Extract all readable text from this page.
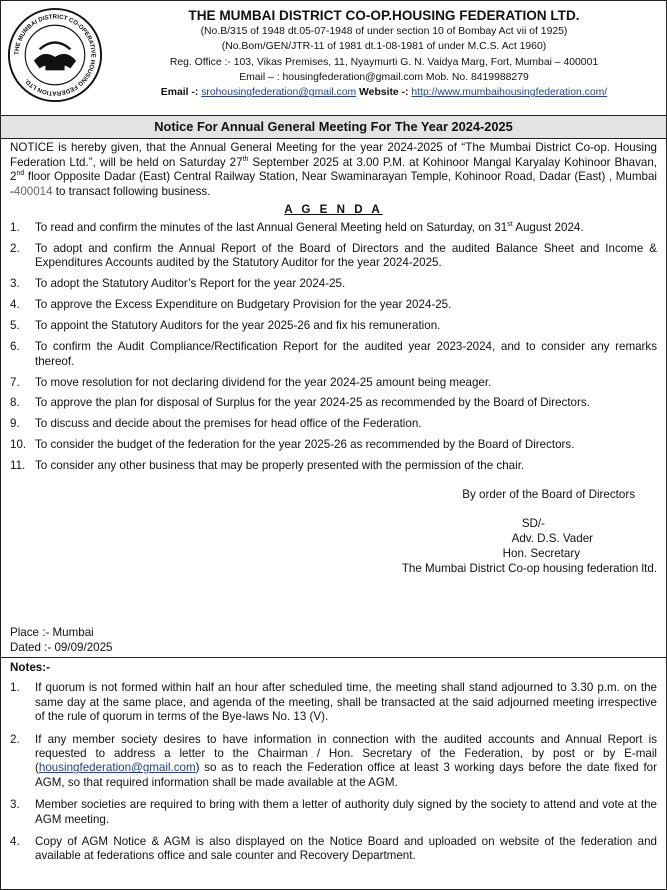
THE MUMBAI DISTRICT CO-OPERATIVE HOUSING FEDERATION LTD.
THE MUMBAI DISTRICT CO-OP.HOUSING FEDERATION LTD.
(No.B/315 of 1948 dt.05-07-1948 of under section 10 of Bombay Act vii of 1925)
(No.Bom/GEN/JTR-11 of 1981 dt.1-08-1981 of under M.C.S. Act 1960)
Reg. Office :- 103, Vikas Premises, 11, Nyaymurti G. N. Vaidya Marg, Fort, Mumbai – 400001
Email – : housingfederation@gmail.com Mob. No. 8419988279
Email -: srohousingfederation@gmail.com Website -: http://www.mumbaihousingfederation.com/
Notice For Annual General Meeting For The Year 2024-2025
NOTICE is hereby given, that the Annual General Meeting for the year 2024-2025 of “The Mumbai District Co-op. Housing Federation Ltd.”, will be held on Saturday 27th September 2025 at 3.00 P.M. at Kohinoor Mangal Karyalay Kohinoor Bhavan, 2nd floor Opposite Dadar (East) Central Railway Station, Near Swaminarayan Temple, Kohinoor Road, Dadar (East) , Mumbai -400014 to transact following business.
A G E N D A
1. To read and confirm the minutes of the last Annual General Meeting held on Saturday, on 31st August 2024.
2. To adopt and confirm the Annual Report of the Board of Directors and the audited Balance Sheet and Income & Expenditures Accounts audited by the Statutory Auditor for the year 2024-2025.
3. To adopt the Statutory Auditor’s Report for the year 2024-25.
4. To approve the Excess Expenditure on Budgetary Provision for the year 2024-25.
5. To appoint the Statutory Auditors for the year 2025-26 and fix his remuneration.
6. To confirm the Audit Compliance/Rectification Report for the audited year 2023-2024, and to consider any remarks thereof.
7. To move resolution for not declaring dividend for the year 2024-25 amount being meager.
8. To approve the plan for disposal of Surplus for the year 2024-25 as recommended by the Board of Directors.
9. To discuss and decide about the premises for head office of the Federation.
10. To consider the budget of the federation for the year 2025-26 as recommended by the Board of Directors.
11. To consider any other business that may be properly presented with the permission of the chair.
By order of the Board of Directors
SD/-
Adv. D.S. Vader
Hon. Secretary
The Mumbai District Co-op housing federation ltd.
Place :- Mumbai
Dated :- 09/09/2025
Notes:-
1. If quorum is not formed within half an hour after scheduled time, the meeting shall stand adjourned to 3.30 p.m. on the same day at the same place, and agenda of the meeting, shall be transacted at the said adjourned meeting irrespective of the rule of quorum in terms of the Bye-laws No. 13 (V).
2. If any member society desires to have information in connection with the audited accounts and Annual Report is requested to address a letter to the Chairman / Hon. Secretary of the Federation, by post or by E-mail (housingfederation@gmail.com) so as to reach the Federation office at least 3 working days before the date fixed for AGM, so that required information shall be made available at the AGM.
3. Member societies are required to bring with them a letter of authority duly signed by the society to attend and vote at the AGM meeting.
4. Copy of AGM Notice & AGM is also displayed on the Notice Board and uploaded on website of the federation and available at federations office and sale counter and Recovery Department.
